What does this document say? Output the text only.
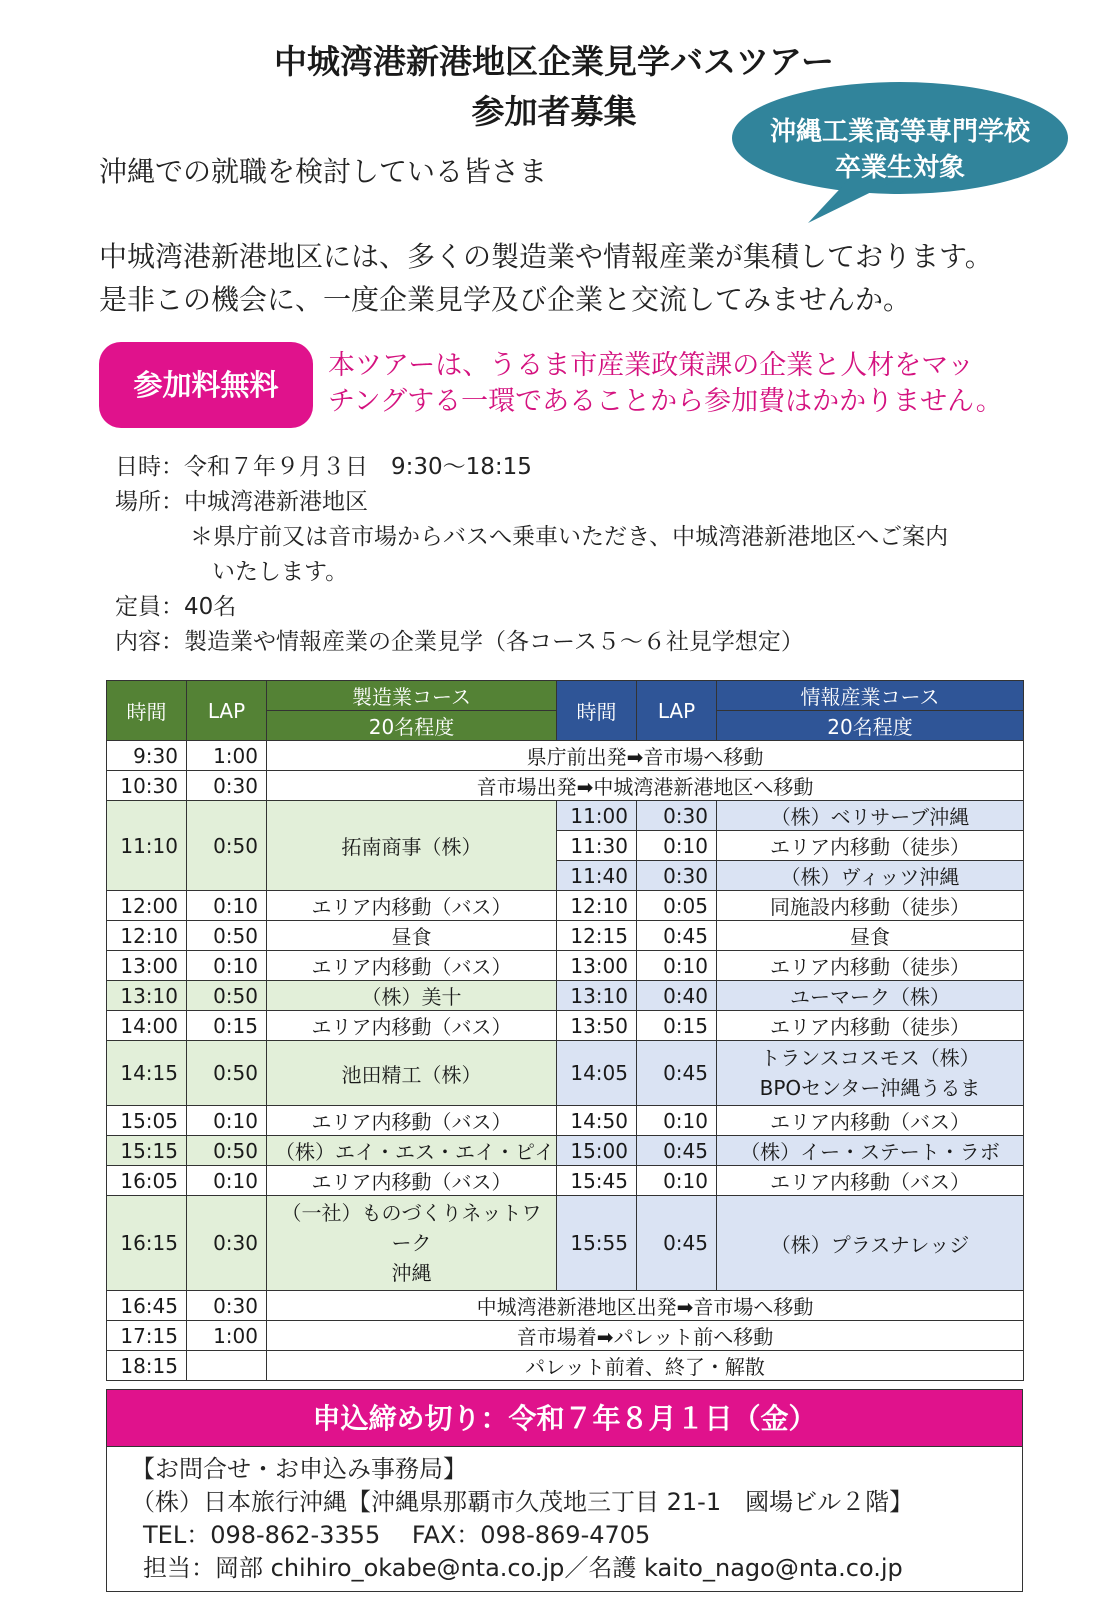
中城湾港新港地区企業見学バスツアー
参加者募集
沖縄工業高等専門学校
卒業生対象
沖縄での就職を検討している皆さま
中城湾港新港地区には、多くの製造業や情報産業が集積しております。
是非この機会に、一度企業見学及び企業と交流してみませんか。
参加料無料
本ツアーは、うるま市産業政策課の企業と人材をマッ
チングする一環であることから参加費はかかりません。
日時：令和７年９月３日　9:30～18:15
場所：中城湾港新港地区
＊県庁前又は音市場からバスへ乗車いただき、中城湾港新港地区へご案内
いたします。
定員：40名
内容：製造業や情報産業の企業見学（各コース５～６社見学想定）
時間	LAP	製造業コース	時間	LAP	情報産業コース
		20名程度			20名程度
9:30	1:00	県庁前出発➡音市場へ移動			
10:30	0:30	音市場出発➡中城湾港新港地区へ移動			
11:10	0:50	拓南商事（株）	11:00	0:30	（株）ベリサーブ沖縄
			11:30	0:10	エリア内移動（徒歩）
			11:40	0:30	（株）ヴィッツ沖縄
12:00	0:10	エリア内移動（バス）	12:10	0:05	同施設内移動（徒歩）
12:10	0:50	昼食	12:15	0:45	昼食
13:00	0:10	エリア内移動（バス）	13:00	0:10	エリア内移動（徒歩）
13:10	0:50	（株）美十	13:10	0:40	ユーマーク（株）
14:00	0:15	エリア内移動（バス）	13:50	0:15	エリア内移動（徒歩）
14:15	0:50	池田精工（株）	14:05	0:45	トランスコスモス（株）
BPOセンター沖縄うるま

15:05	0:10	エリア内移動（バス）	14:50	0:10	エリア内移動（バス）
15:15	0:50	（株）エイ・エス・エイ・ピイ	15:00	0:45	（株）イー・ステート・ラボ
16:05	0:10	エリア内移動（バス）	15:45	0:10	エリア内移動（バス）
16:15	0:30	（一社）ものづくりネットワーク
沖縄	15:55	0:45	（株）プラスナレッジ
16:45	0:30	中城湾港新港地区出発➡音市場へ移動			
17:15	1:00	音市場着➡パレット前へ移動			
18:15		パレット前着、終了・解散			
申込締め切り：令和７年８月１日（金）
【お問合せ・お申込み事務局】
（株）日本旅行沖縄【沖縄県那覇市久茂地三丁目 21-1　國場ビル２階】
TEL：098-862-3355　 FAX：098-869-4705
担当：岡部 chihiro_okabe@nta.co.jp／名護 kaito_nago@nta.co.jp
